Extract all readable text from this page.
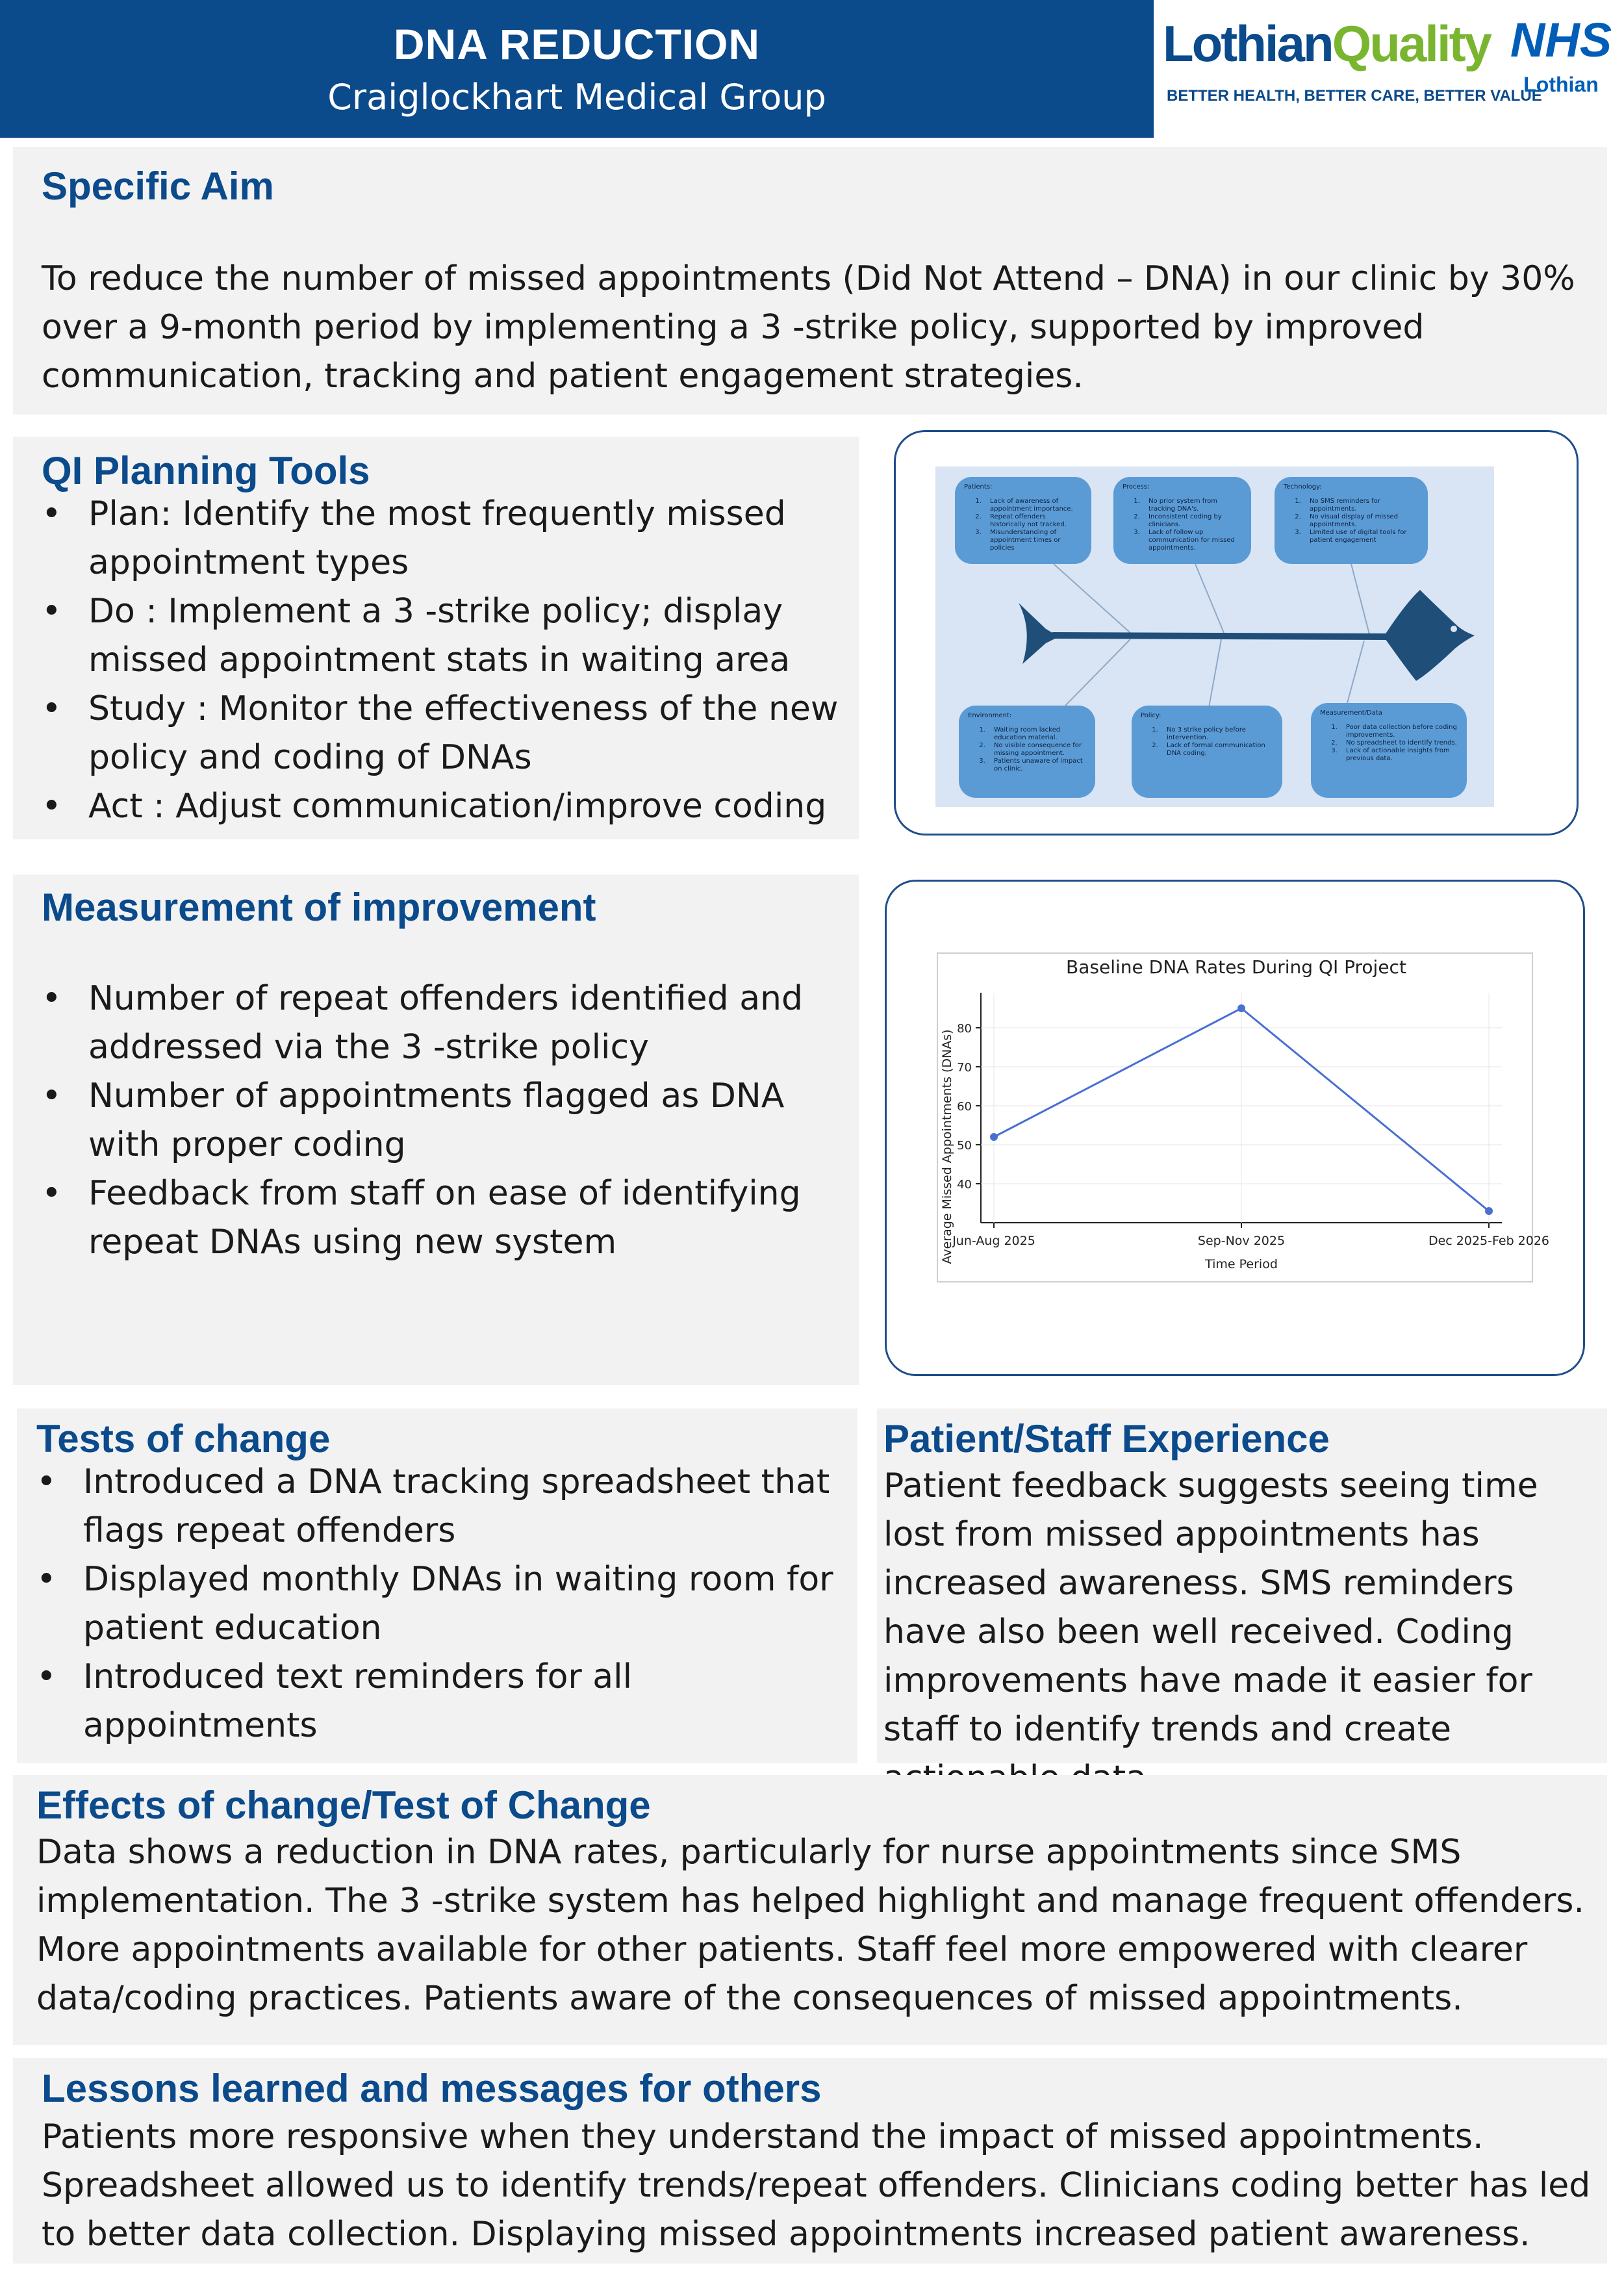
DNA REDUCTION
Craiglockhart Medical Group
LothianQuality
BETTER HEALTH, BETTER CARE, BETTER VALUE
NHS
Lothian
Specific Aim
To reduce the number of missed appointments (Did Not Attend – DNA) in our clinic by 30% over a 9-month period by implementing a 3 -strike policy, supported by improved communication, tracking and patient engagement strategies.
QI Planning Tools
• Plan: Identify the most frequently missed appointment types
• Do : Implement a 3 -strike policy; display missed appointment stats in waiting area
• Study : Monitor the effectiveness of the new policy and coding of DNAs
• Act : Adjust communication/improve coding
Patients:
1. Lack of awareness of appointment importance.
2. Repeat offenders historically not tracked.
3. Misunderstanding of appointment times or policies
Process:
1. No prior system from tracking DNA's.
2. Inconsistent coding by clinicians.
3. Lack of follow up communication for missed appointments.
Technology:
1. No SMS reminders for appointments.
2. No visual display of missed appointments.
3. Limited use of digital tools for patient engagement
Environment:
1. Waiting room lacked education material.
2. No visible consequence for missing appointment.
3. Patients unaware of impact on clinic.
Policy:
1. No 3 strike policy before intervention.
2. Lack of formal communication DNA coding.
Measurement/Data
1. Poor data collection before coding improvements.
2. No spreadsheet to identify trends.
3. Lack of actionable insights from previous data.
Measurement of improvement
• Number of repeat offenders identified and addressed via the 3 -strike policy
• Number of appointments flagged as DNA with proper coding
• Feedback from staff on ease of identifying repeat DNAs using new system
Baseline DNA Rates During QI Project
40
50
60
70
80
Jun-Aug 2025	Sep-Nov 2025	Dec 2025-Feb 2026
Time Period
Average Missed Appointments (DNAs)
Tests of change
• Introduced a DNA tracking spreadsheet that flags repeat offenders
• Displayed monthly DNAs in waiting room for patient education
• Introduced text reminders for all appointments
Patient/Staff Experience
Patient feedback suggests seeing time lost from missed appointments has increased awareness. SMS reminders have also been well received. Coding improvements have made it easier for staff to identify trends and create
Effects of change/Test of Change
Data shows a reduction in DNA rates, particularly for nurse appointments since SMS implementation. The 3 -strike system has helped highlight and manage frequent offenders. More appointments available for other patients. Staff feel more empowered with clearer data/coding practices. Patients aware of the consequences of missed appointments.
Lessons learned and messages for others
Patients more responsive when they understand the impact of missed appointments. Spreadsheet allowed us to identify trends/repeat offenders. Clinicians coding better has led to better data collection. Displaying missed appointments increased patient awareness.
